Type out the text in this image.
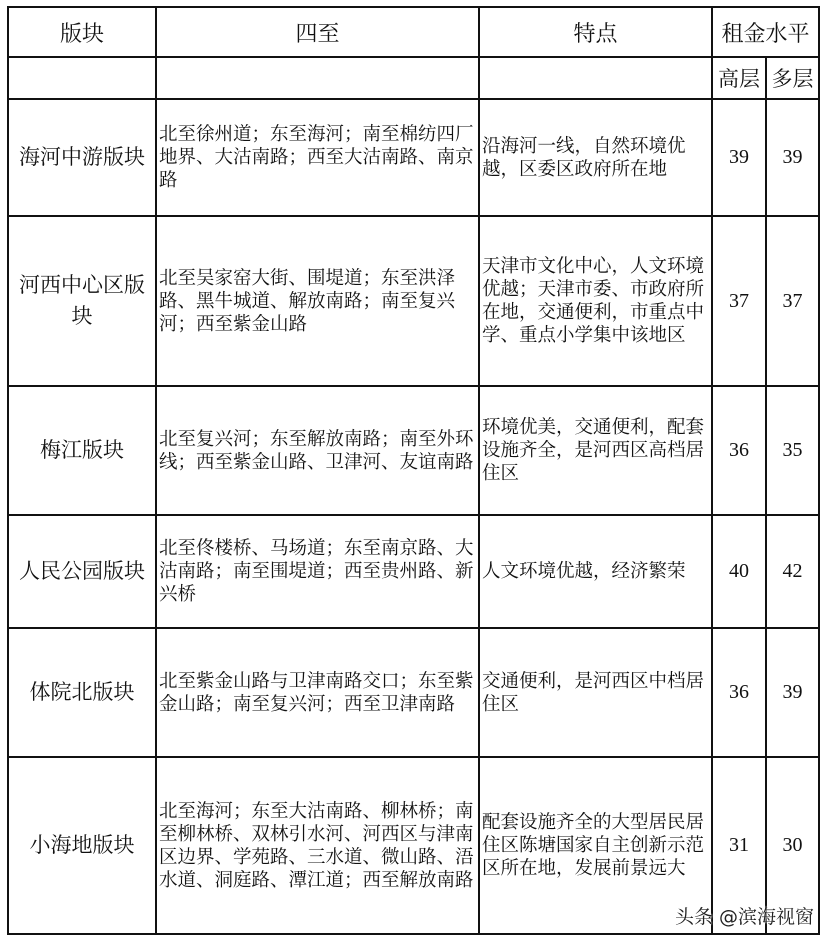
版块	四至	特点	租金水平	
			高层	多层
海河中游版块	北至徐州道；东至海河；南至棉纺四厂地界、大沽南路；西至大沽南路、南京路	沿海河一线，自然环境优越，区委区政府所在地	39	39
河西中心区版块	北至吴家窑大街、围堤道；东至洪泽路、黑牛城道、解放南路；南至复兴河；西至紫金山路	天津市文化中心，人文环境优越；天津市委、市政府所在地，交通便利，市重点中学、重点小学集中该地区	37	37
梅江版块	北至复兴河；东至解放南路；南至外环线；西至紫金山路、卫津河、友谊南路	环境优美，交通便利，配套设施齐全，是河西区高档居住区	36	35
人民公园版块	北至佟楼桥、马场道；东至南京路、大沽南路；南至围堤道；西至贵州路、新兴桥	人文环境优越，经济繁荣	40	42
体院北版块	北至紫金山路与卫津南路交口；东至紫金山路；南至复兴河；西至卫津南路	交通便利，是河西区中档居住区	36	39
小海地版块	北至海河；东至大沽南路、柳林桥；南至柳林桥、双林引水河、河西区与津南区边界、学苑路、三水道、微山路、浯水道、洞庭路、潭江道；西至解放南路	配套设施齐全的大型居民居住区陈塘国家自主创新示范区所在地，发展前景远大	31	30
头条 @滨海视窗
